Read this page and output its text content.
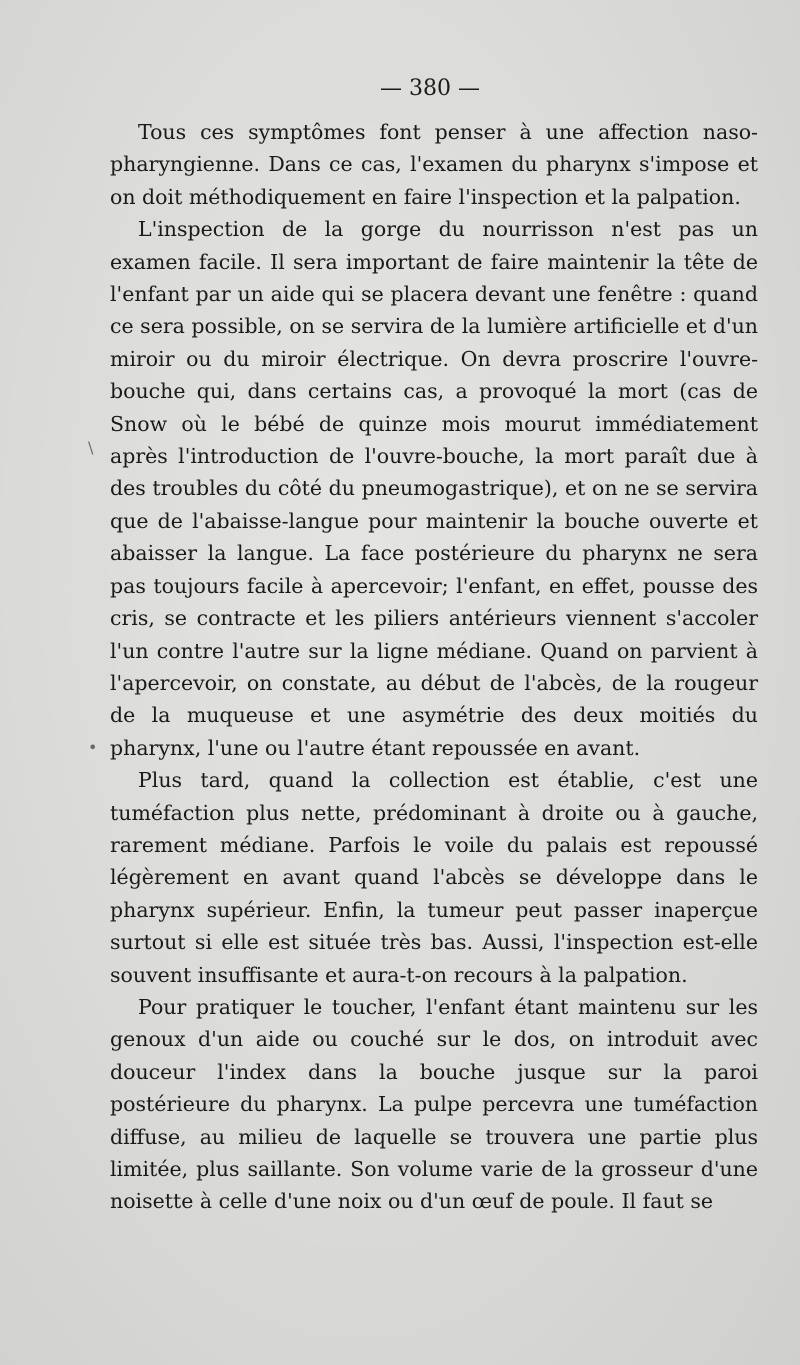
— 380 —

Tous ces symptômes font penser à une affection naso-pharyngienne. Dans ce cas, l'examen du pharynx s'impose et on doit méthodiquement en faire l'inspection et la palpation.

L'inspection de la gorge du nourrisson n'est pas un examen facile. Il sera important de faire maintenir la tête de l'enfant par un aide qui se placera devant une fenêtre : quand ce sera possible, on se servira de la lumière artificielle et d'un miroir ou du miroir électrique. On devra proscrire l'ouvre-bouche qui, dans certains cas, a provoqué la mort (cas de Snow où le bébé de quinze mois mourut immédiatement après l'introduction de l'ouvre-bouche, la mort paraît due à des troubles du côté du pneumogastrique), et on ne se servira que de l'abaisse-langue pour maintenir la bouche ouverte et abaisser la langue. La face postérieure du pharynx ne sera pas toujours facile à apercevoir; l'enfant, en effet, pousse des cris, se contracte et les piliers antérieurs viennent s'accoler l'un contre l'autre sur la ligne médiane. Quand on parvient à l'apercevoir, on constate, au début de l'abcès, de la rougeur de la muqueuse et une asymétrie des deux moitiés du pharynx, l'une ou l'autre étant repoussée en avant.

Plus tard, quand la collection est établie, c'est une tuméfaction plus nette, prédominant à droite ou à gauche, rarement médiane. Parfois le voile du palais est repoussé légèrement en avant quand l'abcès se développe dans le pharynx supérieur. Enfin, la tumeur peut passer inaperçue surtout si elle est située très bas. Aussi, l'inspection est-elle souvent insuffisante et aura-t-on recours à la palpation.

Pour pratiquer le toucher, l'enfant étant maintenu sur les genoux d'un aide ou couché sur le dos, on introduit avec douceur l'index dans la bouche jusque sur la paroi postérieure du pharynx. La pulpe percevra une tuméfaction diffuse, au milieu de laquelle se trouvera une partie plus limitée, plus saillante. Son volume varie de la grosseur d'une noisette à celle d'une noix ou d'un œuf de poule. Il faut se

\
•
